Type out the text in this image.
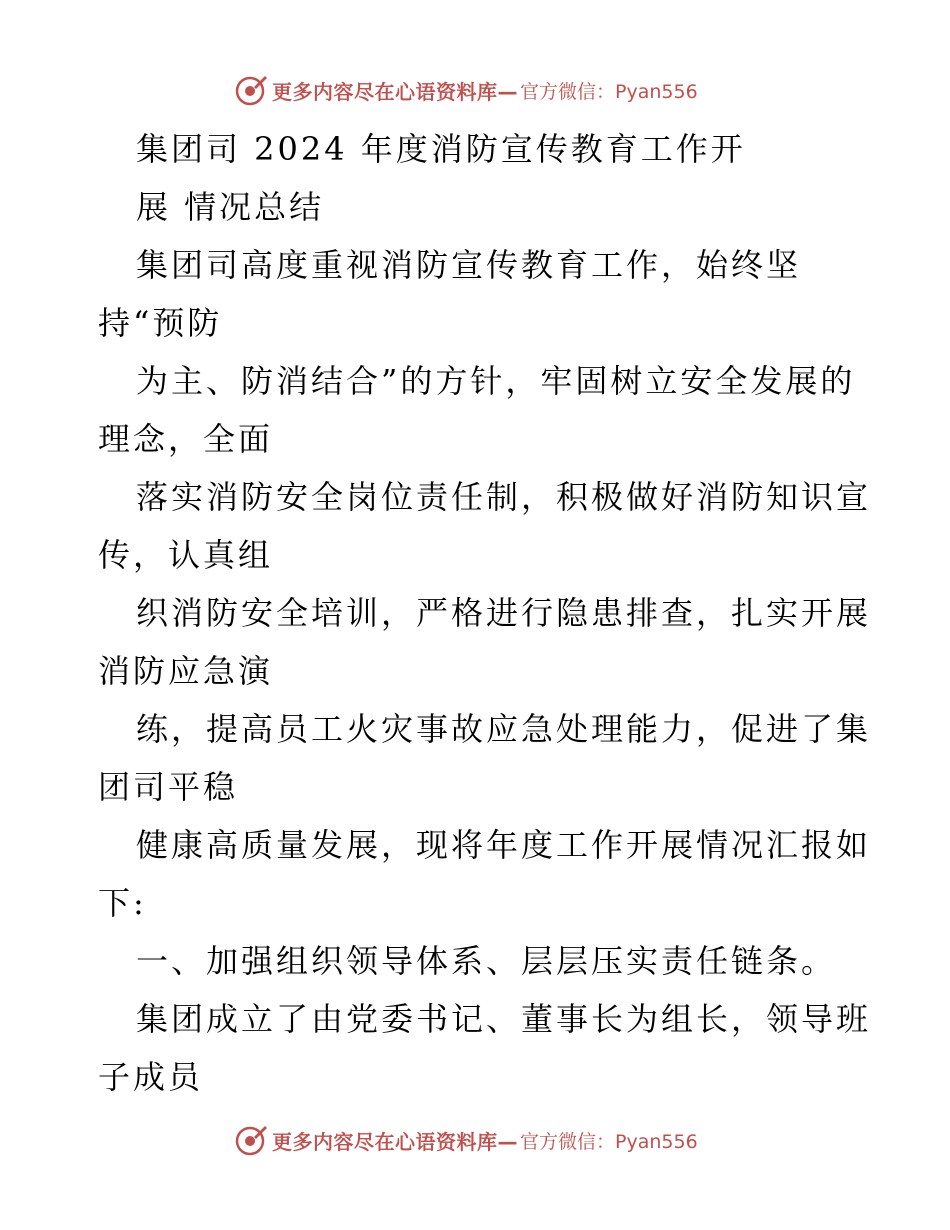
更多内容尽在心语资料库— 官方微信：Pyan556
集团司 2024 年度消防宣传教育工作开
展 情况总结
集团司高度重视消防宣传教育工作，始终坚
持“预防
为主、防消结合”的方针，牢固树立安全发展的
理念，全面
落实消防安全岗位责任制，积极做好消防知识宣
传，认真组
织消防安全培训，严格进行隐患排查，扎实开展
消防应急演
练，提高员工火灾事故应急处理能力，促进了集
团司平稳
健康高质量发展，现将年度工作开展情况汇报如
下:
一、加强组织领导体系、层层压实责任链条。
集团成立了由党委书记、董事长为组长，领导班
子成员
更多内容尽在心语资料库— 官方微信：Pyan556
